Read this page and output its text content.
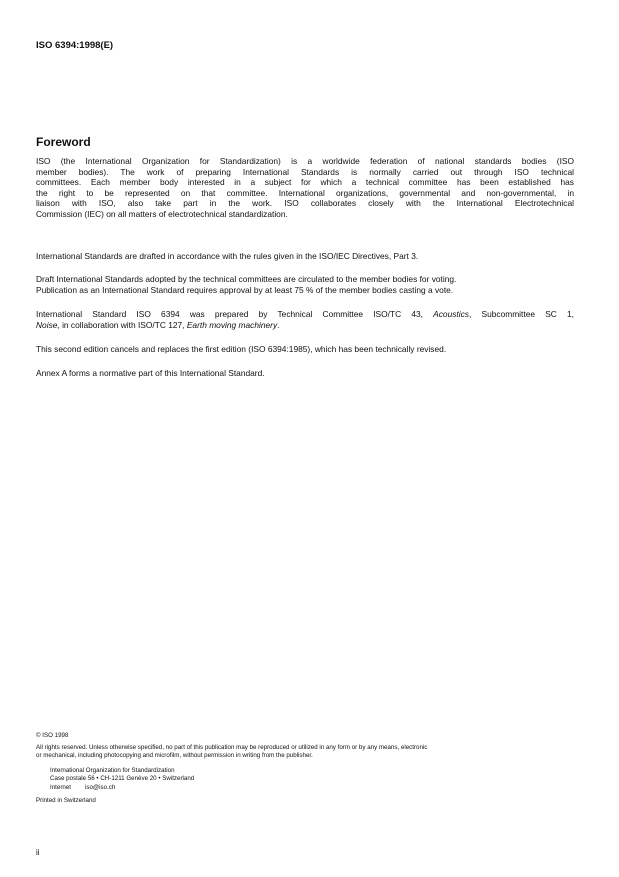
ISO 6394:1998(E)
Foreword
ISO (the International Organization for Standardization) is a worldwide federation of national standards bodies (ISO
member bodies). The work of preparing International Standards is normally carried out through ISO technical
committees. Each member body interested in a subject for which a technical committee has been established has
the right to be represented on that committee. International organizations, governmental and non-governmental, in
liaison with ISO, also take part in the work. ISO collaborates closely with the International Electrotechnical
Commission (IEC) on all matters of electrotechnical standardization.
International Standards are drafted in accordance with the rules given in the ISO/IEC Directives, Part 3.
Draft International Standards adopted by the technical committees are circulated to the member bodies for voting.
Publication as an International Standard requires approval by at least 75 % of the member bodies casting a vote.
International Standard ISO 6394 was prepared by Technical Committee ISO/TC 43, Acoustics, Subcommittee SC 1,
Noise, in collaboration with ISO/TC 127, Earth moving machinery.
This second edition cancels and replaces the first edition (ISO 6394:1985), which has been technically revised.
Annex A forms a normative part of this International Standard.
© ISO 1998
All rights reserved. Unless otherwise specified, no part of this publication may be reproduced or utilized in any form or by any means, electronic
or mechanical, including photocopying and microfilm, without permission in writing from the publisher.
International Organization for Standardization
Case postale 56 • CH-1211 Genève 20 • Switzerland
Internet iso@iso.ch
Printed in Switzerland
ii
